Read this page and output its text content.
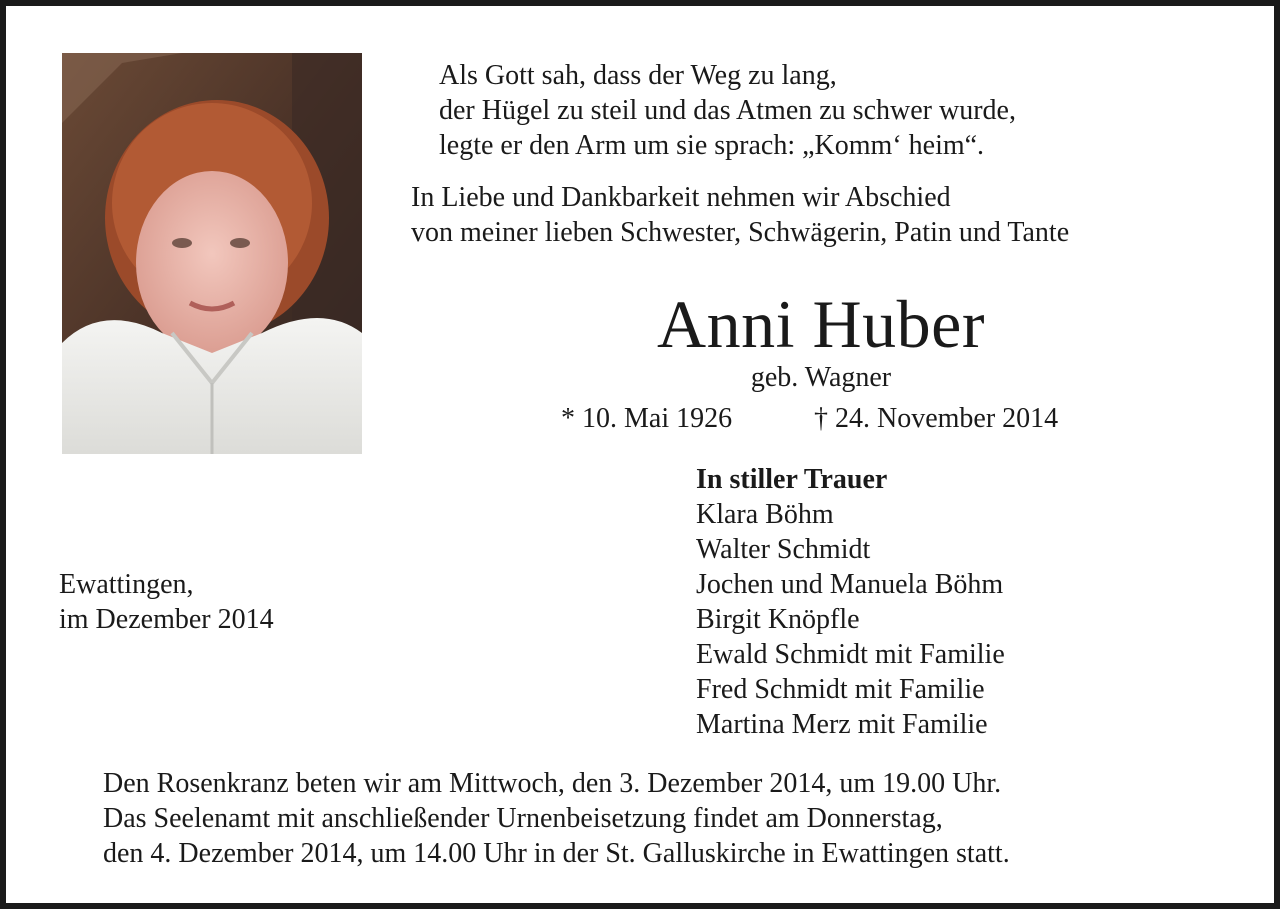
Als Gott sah, dass der Weg zu lang,
der Hügel zu steil und das Atmen zu schwer wurde,
legte er den Arm um sie sprach: „Komm‘ heim“.
In Liebe und Dankbarkeit nehmen wir Abschied
von meiner lieben Schwester, Schwägerin, Patin und Tante
Anni Huber
geb. Wagner
* 10. Mai 1926	† 24. November 2014
In stiller Trauer
Klara Böhm
Walter Schmidt
Jochen und Manuela Böhm
Birgit Knöpfle
Ewald Schmidt mit Familie
Fred Schmidt mit Familie
Martina Merz mit Familie
Ewattingen,
im Dezember 2014
Den Rosenkranz beten wir am Mittwoch, den 3. Dezember 2014, um 19.00 Uhr.
Das Seelenamt mit anschließender Urnenbeisetzung findet am Donnerstag,
den 4. Dezember 2014, um 14.00 Uhr in der St. Galluskirche in Ewattingen statt.
